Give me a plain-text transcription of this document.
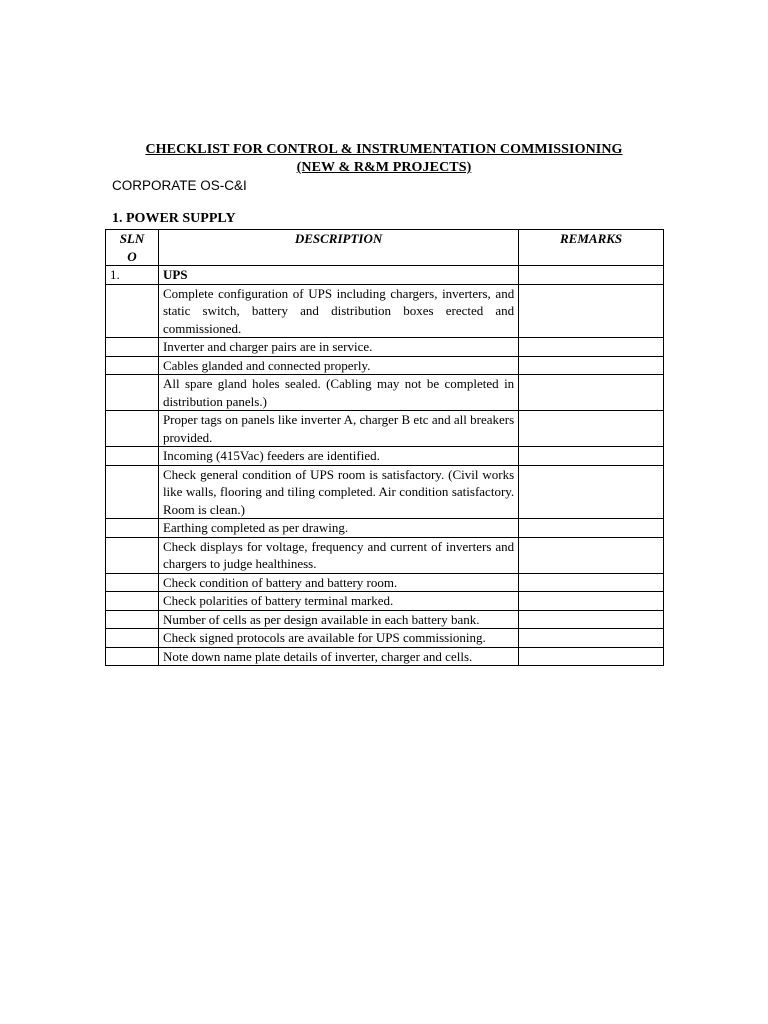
CHECKLIST FOR CONTROL & INSTRUMENTATION COMMISSIONING
(NEW & R&M PROJECTS)
CORPORATE OS-C&I
1. POWER SUPPLY
SLN
O	DESCRIPTION	REMARKS
1.	UPS	
	Complete configuration of UPS including chargers, inverters, and static switch, battery and distribution boxes erected and commissioned.	
	Inverter and charger pairs are in service.	
	Cables glanded and connected properly.	
	All spare gland holes sealed. (Cabling may not be completed in distribution panels.)	
	Proper tags on panels like inverter A, charger B etc and all breakers provided.	
	Incoming (415Vac) feeders are identified.	
	Check general condition of UPS room is satisfactory. (Civil works like walls, flooring and tiling completed. Air condition satisfactory. Room is clean.)	
	Earthing completed as per drawing.	
	Check displays for voltage, frequency and current of inverters and chargers to judge healthiness.	
	Check condition of battery and battery room.	
	Check polarities of battery terminal marked.	
	Number of cells as per design available in each battery bank.	
	Check signed protocols are available for UPS commissioning.	
	Note down name plate details of inverter, charger and cells.	
